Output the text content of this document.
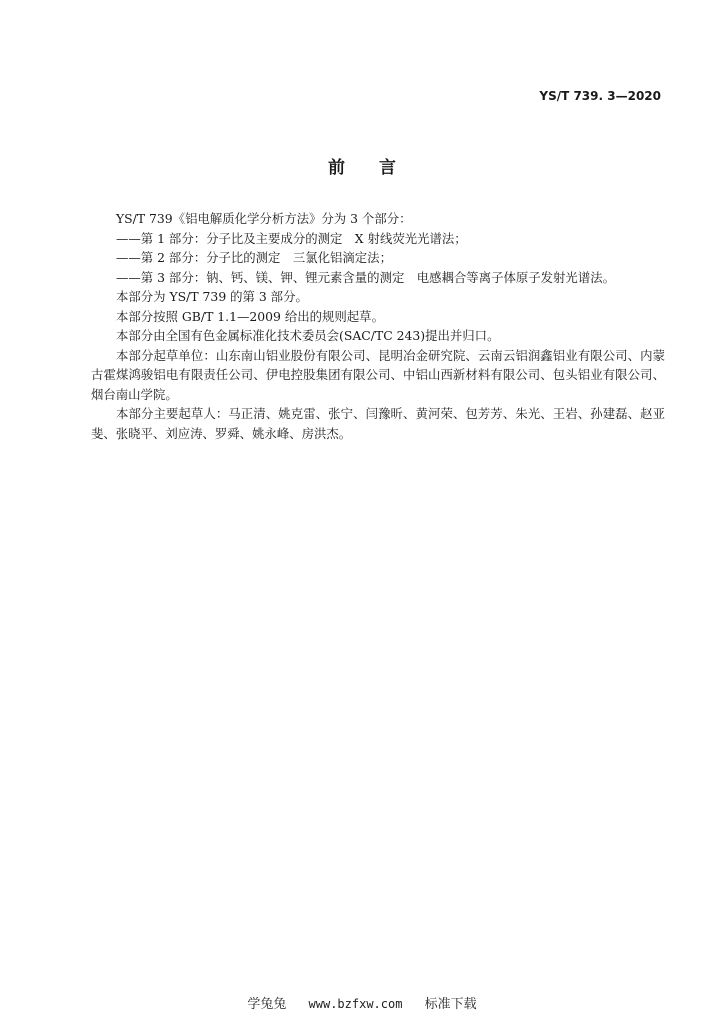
YS/T 739. 3—2020
前言

YS/T 739《铝电解质化学分析方法》分为 3 个部分：

——第 1 部分：分子比及主要成分的测定　X 射线荧光光谱法；

——第 2 部分：分子比的测定　三氯化铝滴定法；

——第 3 部分：钠、钙、镁、钾、锂元素含量的测定　电感耦合等离子体原子发射光谱法。

本部分为 YS/T 739 的第 3 部分。

本部分按照 GB/T 1.1—2009 给出的规则起草。

本部分由全国有色金属标准化技术委员会(SAC/TC 243)提出并归口。

本部分起草单位：山东南山铝业股份有限公司、昆明冶金研究院、云南云铝润鑫铝业有限公司、内蒙古霍煤鸿骏铝电有限责任公司、伊电控股集团有限公司、中铝山西新材料有限公司、包头铝业有限公司、烟台南山学院。

本部分主要起草人：马正清、姚克雷、张宁、闫豫昕、黄河荣、包芳芳、朱光、王岩、孙建磊、赵亚斐、张晓平、刘应涛、罗舜、姚永峰、房洪杰。

学兔兔 www.bzfxw.com 标准下载
